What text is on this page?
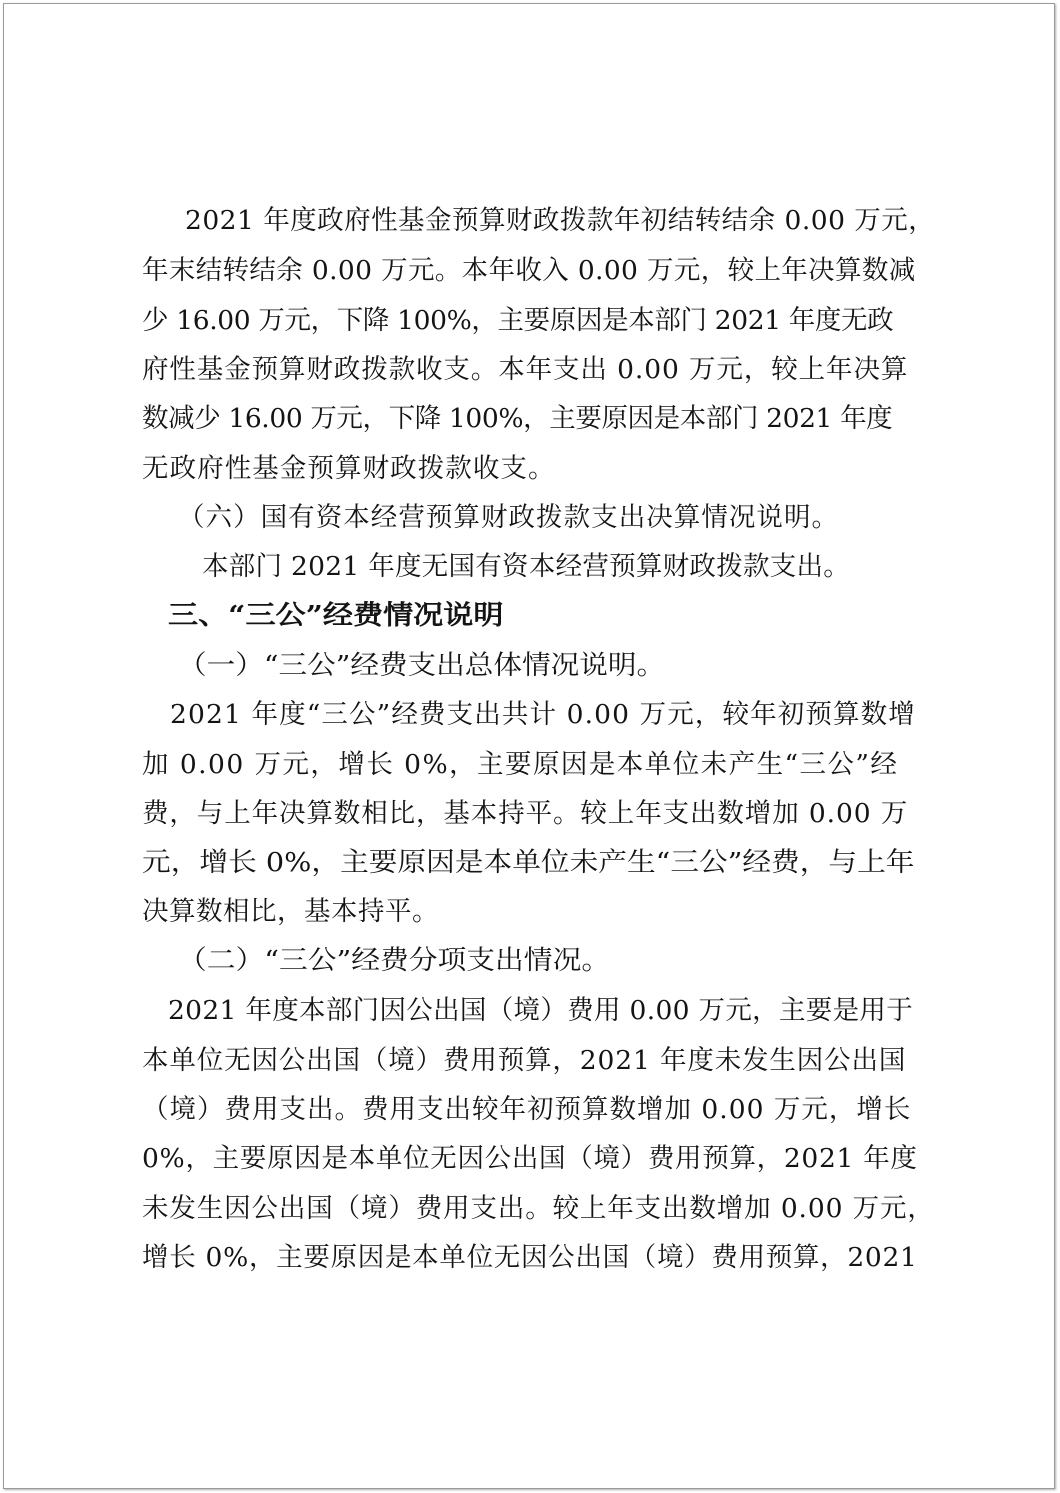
2021 年度政府性基金预算财政拨款年初结转结余 0.00 万元，
年末结转结余 0.00 万元。本年收入 0.00 万元，较上年决算数减
少 16.00 万元，下降 100%，主要原因是本部门 2021 年度无政
府性基金预算财政拨款收支。本年支出 0.00 万元，较上年决算
数减少 16.00 万元，下降 100%，主要原因是本部门 2021 年度
无政府性基金预算财政拨款收支。
（六）国有资本经营预算财政拨款支出决算情况说明。
本部门 2021 年度无国有资本经营预算财政拨款支出。
三、“三公”经费情况说明
（一）“三公”经费支出总体情况说明。
2021 年度“三公”经费支出共计 0.00 万元，较年初预算数增
加 0.00 万元，增长 0%，主要原因是本单位未产生“三公”经
费，与上年决算数相比，基本持平。较上年支出数增加 0.00 万
元，增长 0%，主要原因是本单位未产生“三公”经费，与上年
决算数相比，基本持平。
（二）“三公”经费分项支出情况。
2021 年度本部门因公出国（境）费用 0.00 万元，主要是用于
本单位无因公出国（境）费用预算，2021 年度未发生因公出国
（境）费用支出。费用支出较年初预算数增加 0.00 万元，增长
0%，主要原因是本单位无因公出国（境）费用预算，2021 年度
未发生因公出国（境）费用支出。较上年支出数增加 0.00 万元，
增长 0%，主要原因是本单位无因公出国（境）费用预算，2021
